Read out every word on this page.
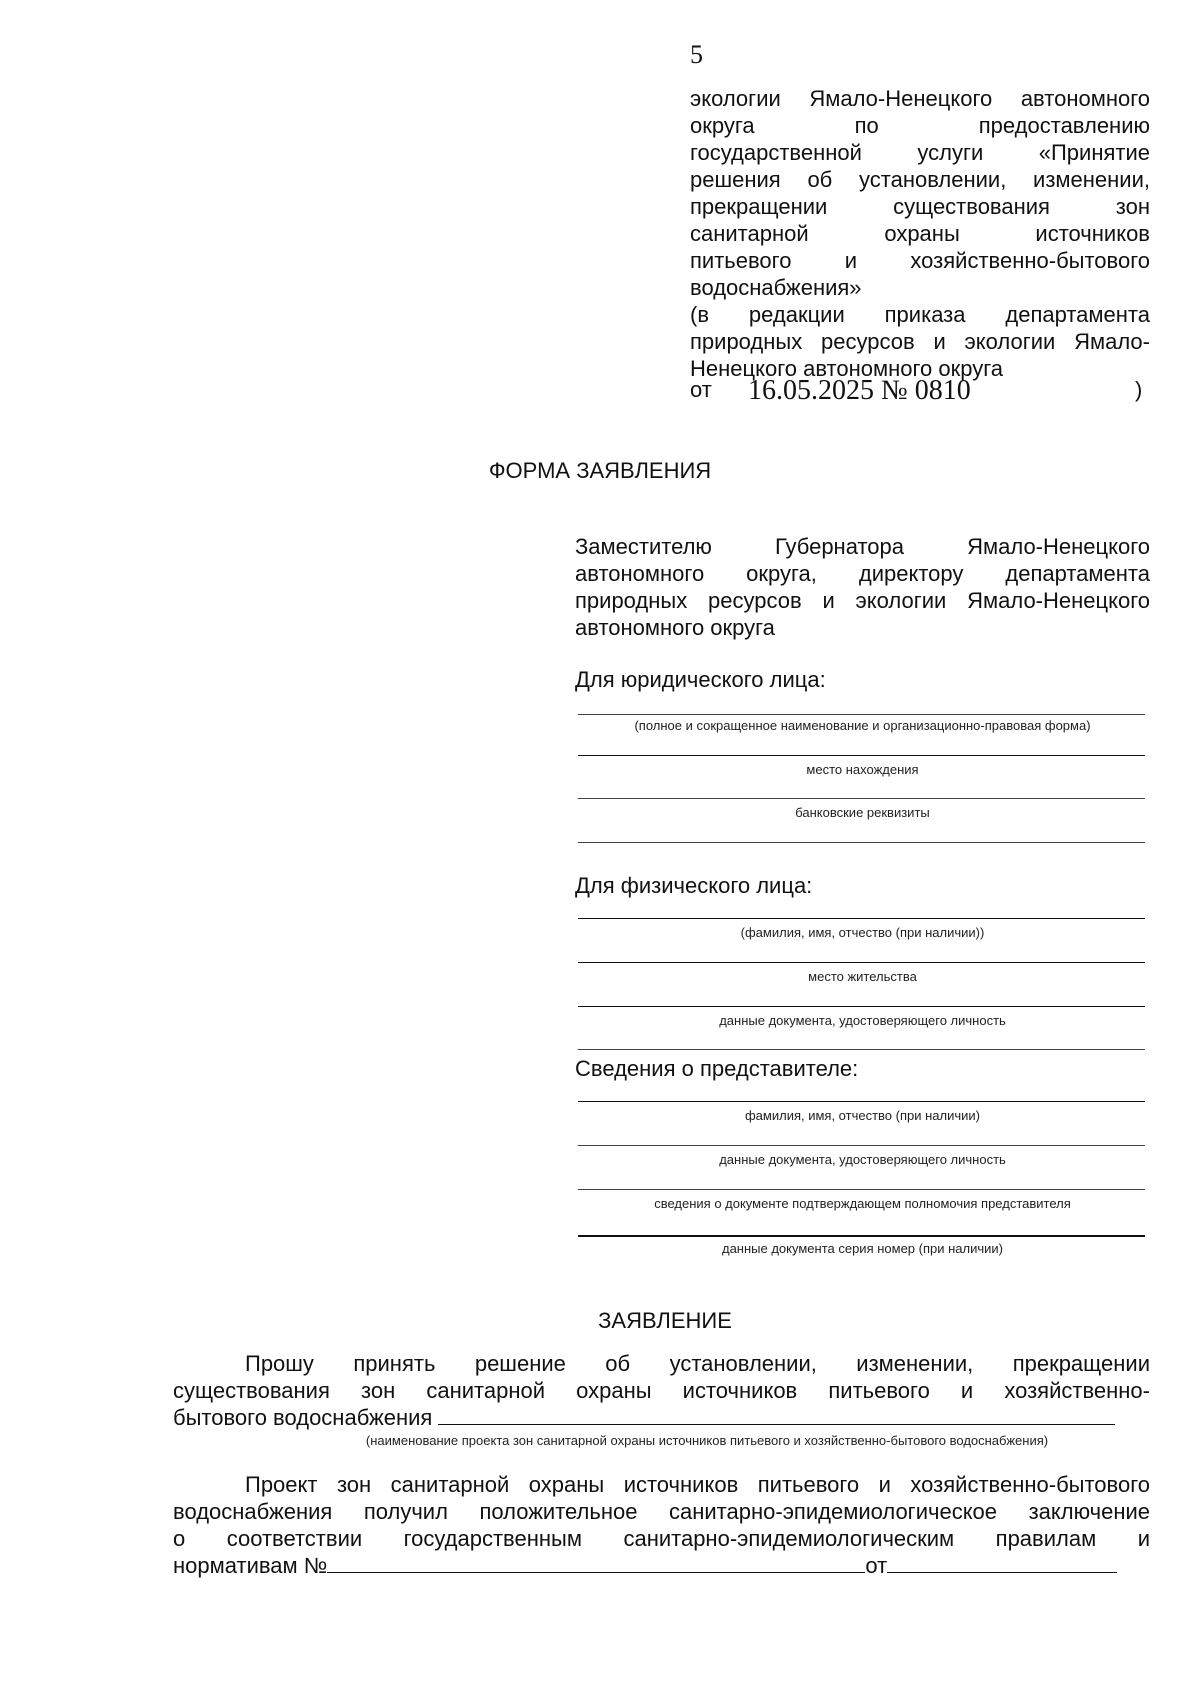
5
экологии Ямало-Ненецкого автономного
округа по предоставлению
государственной услуги «Принятие
решения об установлении, изменении,
прекращении существования зон
санитарной охраны источников
питьевого и хозяйственно-бытового
водоснабжения»
(в редакции приказа департамента
природных ресурсов и экологии Ямало-
Ненецкого автономного округа
от 16.05.2025 № 0810	)
ФОРМА ЗАЯВЛЕНИЯ
Заместителю Губернатора Ямало-Ненецкого
автономного округа, директору департамента
природных ресурсов и экологии Ямало-Ненецкого
автономного округа
Для юридического лица:
(полное и сокращенное наименование и организационно-правовая форма)
место нахождения
банковские реквизиты
Для физического лица:
(фамилия, имя, отчество (при наличии))
место жительства
данные документа, удостоверяющего личность
Сведения о представителе:
фамилия, имя, отчество (при наличии)
данные документа, удостоверяющего личность
сведения о документе подтверждающем полномочия представителя
данные документа серия номер (при наличии)
ЗАЯВЛЕНИЕ
Прошу принять решение об установлении, изменении, прекращении
существования зон санитарной охраны источников питьевого и хозяйственно-
бытового водоснабжения
(наименование проекта зон санитарной охраны источников питьевого и хозяйственно-бытового водоснабжения)
Проект зон санитарной охраны источников питьевого и хозяйственно-бытового
водоснабжения получил положительное санитарно-эпидемиологическое заключение
о соответствии государственным санитарно-эпидемиологическим правилам и
нормативам №	от
